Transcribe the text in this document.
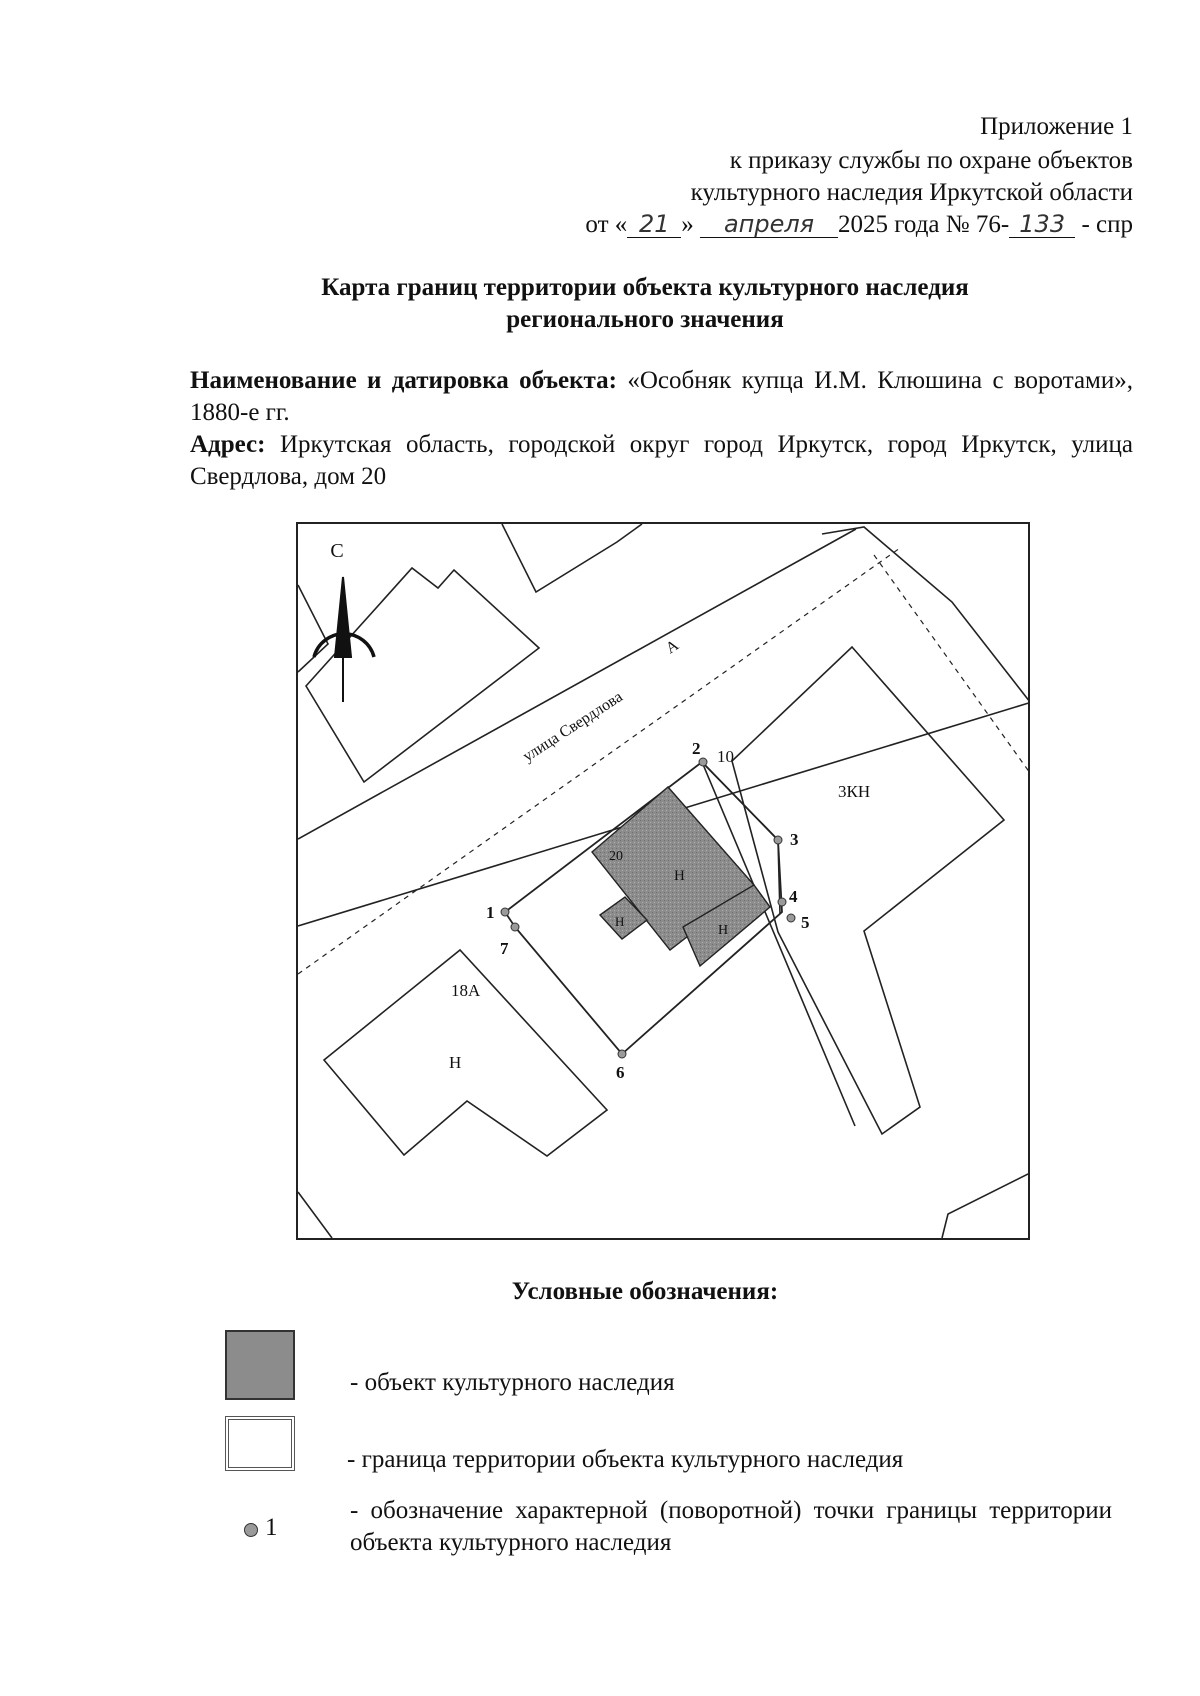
Приложение 1
к приказу службы по охране объектов
культурного наследия Иркутской области
от « 21 » апреля 2025 года № 76- 133 - спр
Карта границ территории объекта культурного наследия
регионального значения
Наименование и датировка объекта: «Особняк купца И.М. Клюшина с воротами», 1880-е гг.
Адрес: Иркутская область, городской округ город Иркутск, город Иркутск, улица Свердлова, дом 20
С
улица Свердлова
А
20
Н
Н
Н
3КН
18А
Н
1
2
3
4
5
6
7
10
Условные обозначения:
- объект культурного наследия
- граница территории объекта культурного наследия
1
- обозначение характерной (поворотной) точки границы территории объекта культурного наследия
